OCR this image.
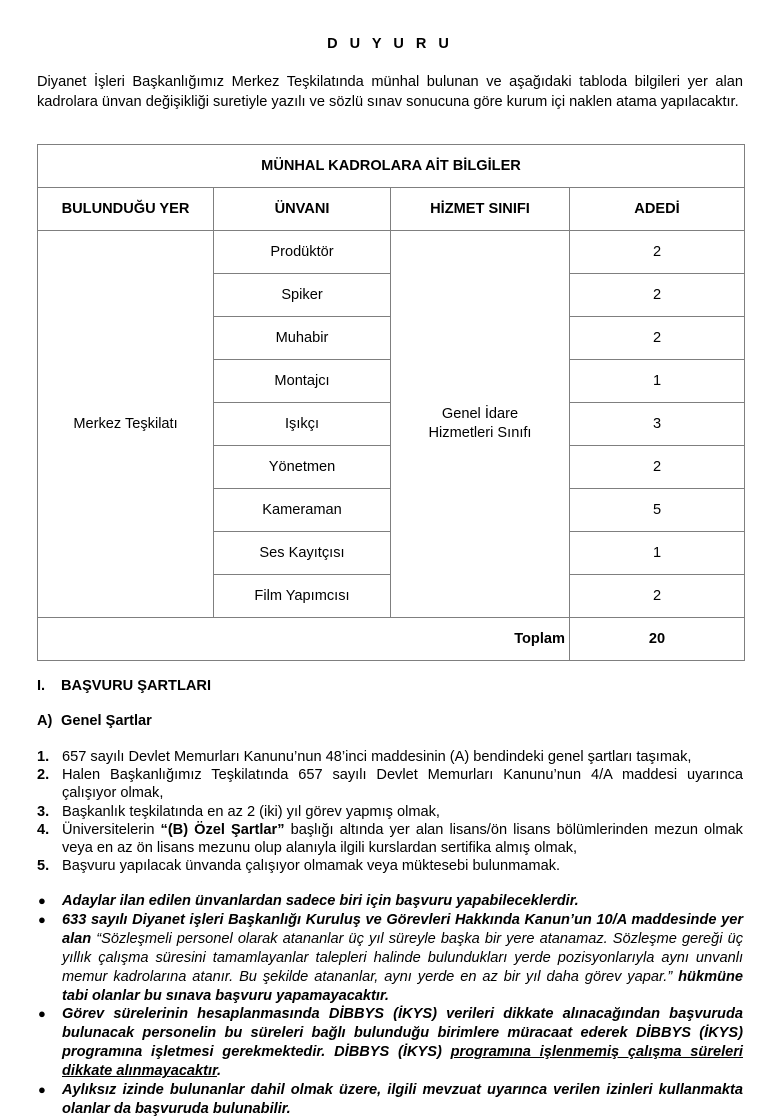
D U Y U R U
Diyanet İşleri Başkanlığımız Merkez Teşkilatında münhal bulunan ve aşağıdaki tabloda bilgileri yer alan kadrolara ünvan değişikliği suretiyle yazılı ve sözlü sınav sonucuna göre kurum içi naklen atama yapılacaktır.
MÜNHAL KADROLARA AİT BİLGİLER			
BULUNDUĞU YER	ÜNVANI	HİZMET SINIFI	ADEDİ
Merkez Teşkilatı	Prodüktör	Genel İdare Hizmetleri Sınıfı	2
	Spiker		2
	Muhabir		2
	Montajcı		1
	Işıkçı		3
	Yönetmen		2
	Kameraman		5
	Ses Kayıtçısı		1
	Film Yapımcısı		2
Toplam			20
I. BAŞVURU ŞARTLARI
A) Genel Şartlar
1. 657 sayılı Devlet Memurları Kanunu’nun 48’inci maddesinin (A) bendindeki genel şartları taşımak,
2. Halen Başkanlığımız Teşkilatında 657 sayılı Devlet Memurları Kanunu’nun 4/A maddesi uyarınca çalışıyor olmak,
3. Başkanlık teşkilatında en az 2 (iki) yıl görev yapmış olmak,
4. Üniversitelerin “(B) Özel Şartlar” başlığı altında yer alan lisans/ön lisans bölümlerinden mezun olmak veya en az ön lisans mezunu olup alanıyla ilgili kurslardan sertifika almış olmak,
5. Başvuru yapılacak ünvanda çalışıyor olmamak veya müktesebi bulunmamak.
● Adaylar ilan edilen ünvanlardan sadece biri için başvuru yapabileceklerdir.
● 633 sayılı Diyanet işleri Başkanlığı Kuruluş ve Görevleri Hakkında Kanun’un 10/A maddesinde yer alan “Sözleşmeli personel olarak atananlar üç yıl süreyle başka bir yere atanamaz. Sözleşme gereği üç yıllık çalışma süresini tamamlayanlar talepleri halinde bulundukları yerde pozisyonlarıyla aynı unvanlı memur kadrolarına atanır. Bu şekilde atananlar, aynı yerde en az bir yıl daha görev yapar.” hükmüne tabi olanlar bu sınava başvuru yapamayacaktır.
● Görev sürelerinin hesaplanmasında DİBBYS (İKYS) verileri dikkate alınacağından başvuruda bulunacak personelin bu süreleri bağlı bulunduğu birimlere müracaat ederek DİBBYS (İKYS) programına işletmesi gerekmektedir. DİBBYS (İKYS) programına işlenmemiş çalışma süreleri dikkate alınmayacaktır.
● Aylıksız izinde bulunanlar dahil olmak üzere, ilgili mevzuat uyarınca verilen izinleri kullanmakta olanlar da başvuruda bulunabilir.
